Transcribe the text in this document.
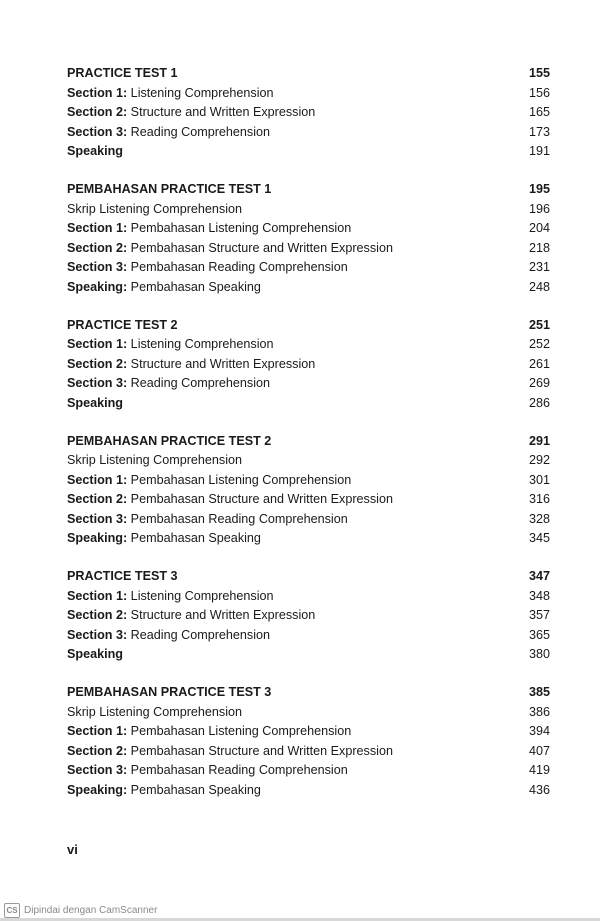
PRACTICE TEST 1	155
Section 1: Listening Comprehension	156
Section 2: Structure and Written Expression	165
Section 3: Reading Comprehension	173
Speaking	191
PEMBAHASAN PRACTICE TEST 1	195
Skrip Listening Comprehension	196
Section 1: Pembahasan Listening Comprehension	204
Section 2: Pembahasan Structure and Written Expression	218
Section 3: Pembahasan Reading Comprehension	231
Speaking: Pembahasan Speaking	248
PRACTICE TEST 2	251
Section 1: Listening Comprehension	252
Section 2: Structure and Written Expression	261
Section 3: Reading Comprehension	269
Speaking	286
PEMBAHASAN PRACTICE TEST 2	291
Skrip Listening Comprehension	292
Section 1: Pembahasan Listening Comprehension	301
Section 2: Pembahasan Structure and Written Expression	316
Section 3: Pembahasan Reading Comprehension	328
Speaking: Pembahasan Speaking	345
PRACTICE TEST 3	347
Section 1: Listening Comprehension	348
Section 2: Structure and Written Expression	357
Section 3: Reading Comprehension	365
Speaking	380
PEMBAHASAN PRACTICE TEST 3	385
Skrip Listening Comprehension	386
Section 1: Pembahasan Listening Comprehension	394
Section 2: Pembahasan Structure and Written Expression	407
Section 3: Pembahasan Reading Comprehension	419
Speaking: Pembahasan Speaking	436
vi
CS Dipindai dengan CamScanner
